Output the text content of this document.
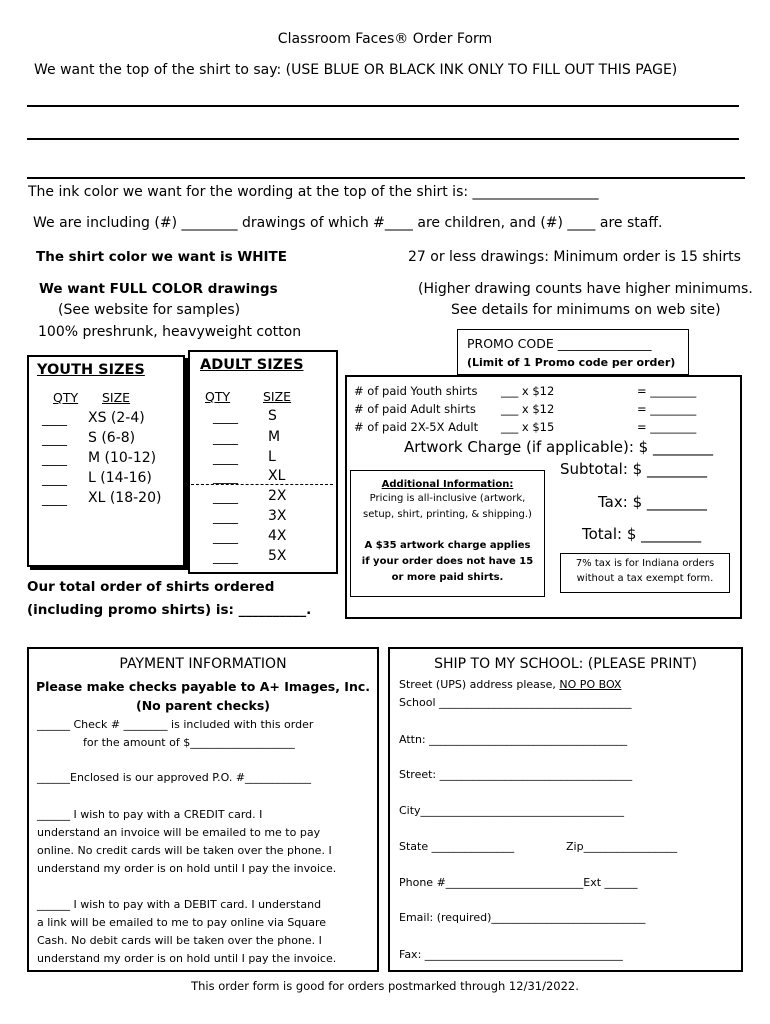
Classroom Faces® Order Form
We want the top of the shirt to say: (USE BLUE OR BLACK INK ONLY TO FILL OUT THIS PAGE)
The ink color we want for the wording at the top of the shirt is: __________________
We are including (#) ________ drawings of which #____ are children, and (#) ____ are staff.
The shirt color we want is WHITE	27 or less drawings: Minimum order is 15 shirts
We want FULL COLOR drawings	(Higher drawing counts have higher minimums.
(See website for samples)	See details for minimums on web site)
100% preshrunk, heavyweight cotton
PROMO CODE _______________
(Limit of 1 Promo code per order)
YOUTH SIZES
QTY SIZE
____ XS (2-4)
____ S (6-8)
____ M (10-12)
____ L (14-16)
____ XL (18-20)
ADULT SIZES
QTY	SIZE
____ S
____ M
____ L
____ XL
____ 2X
____ 3X
____ 4X
____ 5X
Our total order of shirts ordered
(including promo shirts) is: __________.
# of paid Youth shirts ___ x $12	= ________
# of paid Adult shirts ___ x $12	= ________
# of paid 2X-5X Adult ___ x $15	= ________
Artwork Charge (if applicable): $ ________
Subtotal: $ ________
Tax: $ ________
Total: $ ________
Additional Information:
Pricing is all-inclusive (artwork,
setup, shirt, printing, & shipping.)
A $35 artwork charge applies
if your order does not have 15
or more paid shirts.
7% tax is for Indiana orders
without a tax exempt form.
PAYMENT INFORMATION
Please make checks payable to A+ Images, Inc.
(No parent checks)
______ Check # ________ is included with this order
for the amount of $___________________
______Enclosed is our approved P.O. #____________
______ I wish to pay with a CREDIT card. I
understand an invoice will be emailed to me to pay
online. No credit cards will be taken over the phone. I
understand my order is on hold until I pay the invoice.
______ I wish to pay with a DEBIT card. I understand
a link will be emailed to me to pay online via Square
Cash. No debit cards will be taken over the phone. I
understand my order is on hold until I pay the invoice.
SHIP TO MY SCHOOL: (PLEASE PRINT)
Street (UPS) address please, NO PO BOX
School ___________________________________
Attn: ____________________________________
Street: ___________________________________
City_____________________________________
State _______________	Zip_________________
Phone #_________________________Ext ______
Email: (required)____________________________
Fax: ____________________________________
This order form is good for orders postmarked through 12/31/2022.
